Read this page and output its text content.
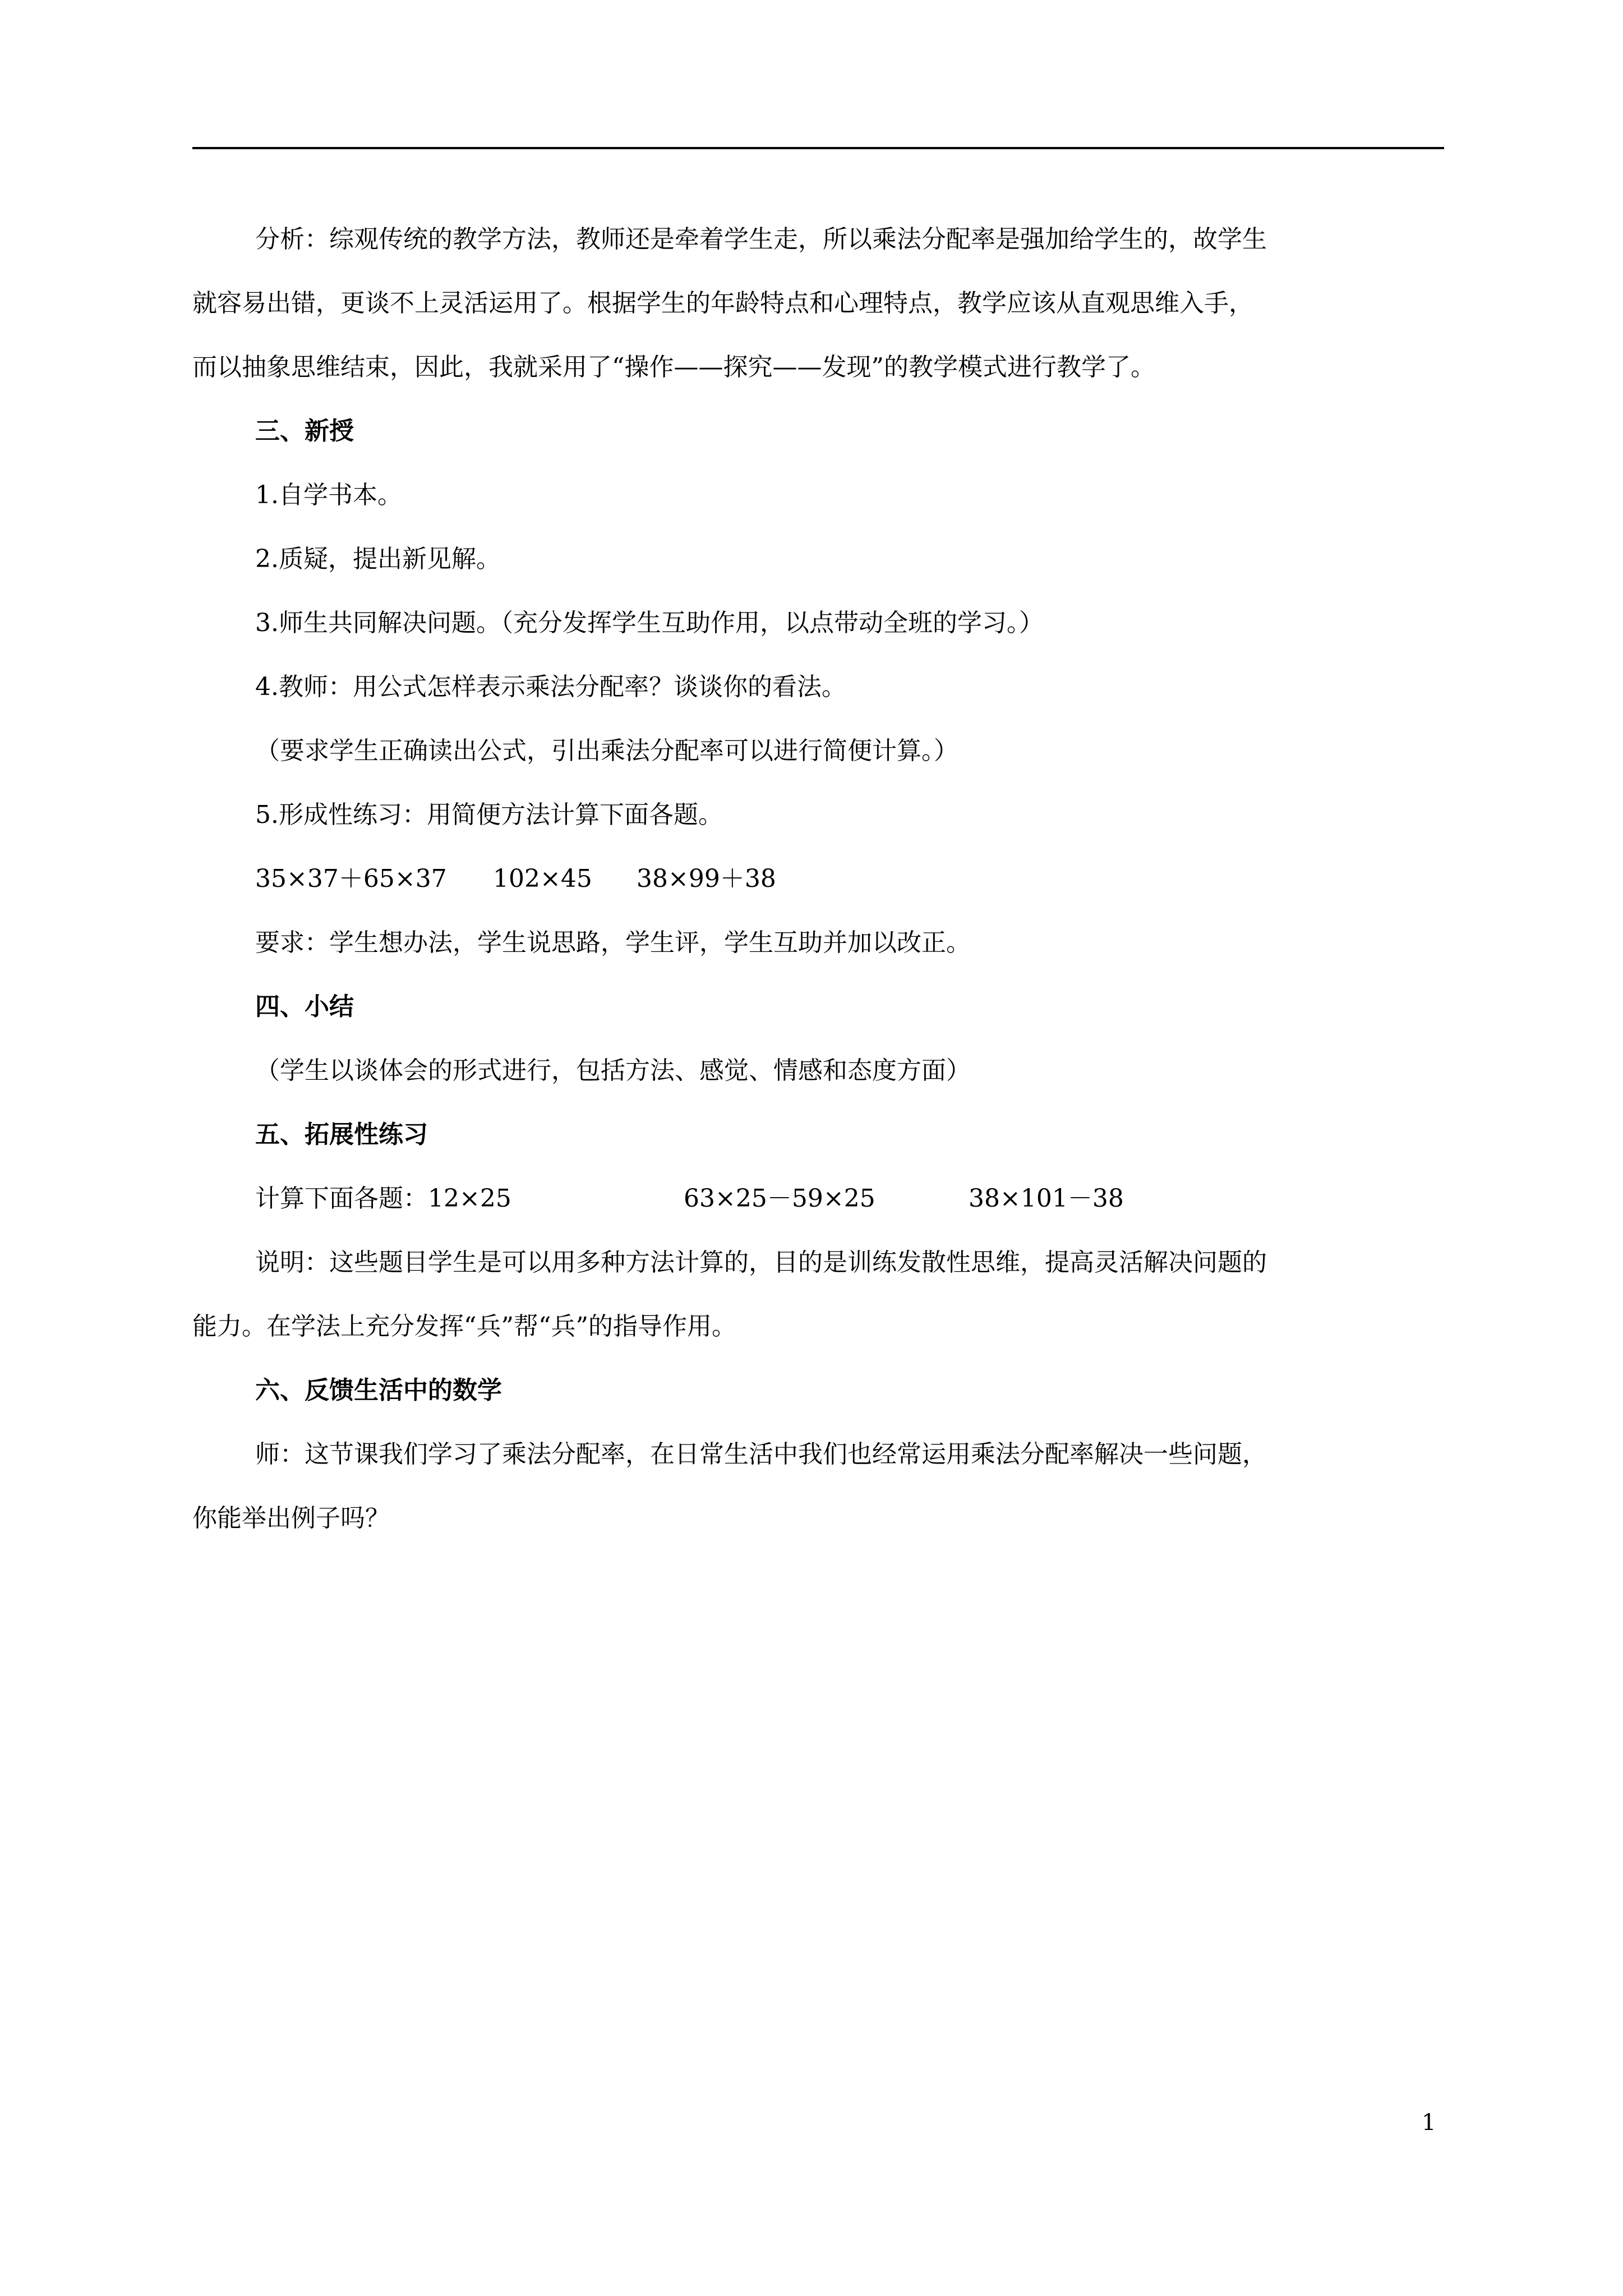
分析：综观传统的教学方法，教师还是牵着学生走，所以乘法分配率是强加给学生的，故学生

就容易出错，更谈不上灵活运用了。根据学生的年龄特点和心理特点，教学应该从直观思维入手，

而以抽象思维结束，因此，我就采用了“操作——探究——发现”的教学模式进行教学了。

三、新授

1.自学书本。

2.质疑，提出新见解。

3.师生共同解决问题。（充分发挥学生互助作用，以点带动全班的学习。）

4.教师：用公式怎样表示乘法分配率？谈谈你的看法。

（要求学生正确读出公式，引出乘法分配率可以进行简便计算。）

5.形成性练习：用简便方法计算下面各题。

35×37＋65×37	102×45	38×99＋38

要求：学生想办法，学生说思路，学生评，学生互助并加以改正。

四、小结

（学生以谈体会的形式进行，包括方法、感觉、情感和态度方面）

五、拓展性练习

计算下面各题： 12×25	63×25－59×25	38×101－38

说明：这些题目学生是可以用多种方法计算的，目的是训练发散性思维，提高灵活解决问题的

能力。在学法上充分发挥“兵”帮“兵”的指导作用。

六、反馈生活中的数学

师：这节课我们学习了乘法分配率，在日常生活中我们也经常运用乘法分配率解决一些问题，

你能举出例子吗？

1
